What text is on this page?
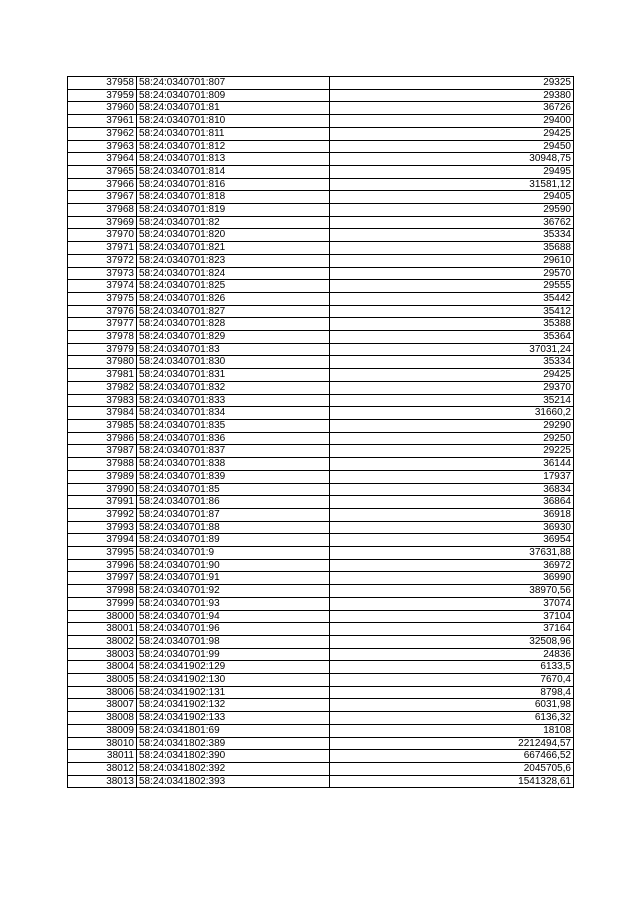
37958	58:24:0340701:807	29325
37959	58:24:0340701:809	29380
37960	58:24:0340701:81	36726
37961	58:24:0340701:810	29400
37962	58:24:0340701:811	29425
37963	58:24:0340701:812	29450
37964	58:24:0340701:813	30948,75
37965	58:24:0340701:814	29495
37966	58:24:0340701:816	31581,12
37967	58:24:0340701:818	29405
37968	58:24:0340701:819	29590
37969	58:24:0340701:82	36762
37970	58:24:0340701:820	35334
37971	58:24:0340701:821	35688
37972	58:24:0340701:823	29610
37973	58:24:0340701:824	29570
37974	58:24:0340701:825	29555
37975	58:24:0340701:826	35442
37976	58:24:0340701:827	35412
37977	58:24:0340701:828	35388
37978	58:24:0340701:829	35364
37979	58:24:0340701:83	37031,24
37980	58:24:0340701:830	35334
37981	58:24:0340701:831	29425
37982	58:24:0340701:832	29370
37983	58:24:0340701:833	35214
37984	58:24:0340701:834	31660,2
37985	58:24:0340701:835	29290
37986	58:24:0340701:836	29250
37987	58:24:0340701:837	29225
37988	58:24:0340701:838	36144
37989	58:24:0340701:839	17937
37990	58:24:0340701:85	36834
37991	58:24:0340701:86	36864
37992	58:24:0340701:87	36918
37993	58:24:0340701:88	36930
37994	58:24:0340701:89	36954
37995	58:24:0340701:9	37631,88
37996	58:24:0340701:90	36972
37997	58:24:0340701:91	36990
37998	58:24:0340701:92	38970,56
37999	58:24:0340701:93	37074
38000	58:24:0340701:94	37104
38001	58:24:0340701:96	37164
38002	58:24:0340701:98	32508,96
38003	58:24:0340701:99	24836
38004	58:24:0341902:129	6133,5
38005	58:24:0341902:130	7670,4
38006	58:24:0341902:131	8798,4
38007	58:24:0341902:132	6031,98
38008	58:24:0341902:133	6136,32
38009	58:24:0341801:69	18108
38010	58:24:0341802:389	2212494,57
38011	58:24:0341802:390	667466,52
38012	58:24:0341802:392	2045705,6
38013	58:24:0341802:393	1541328,61
